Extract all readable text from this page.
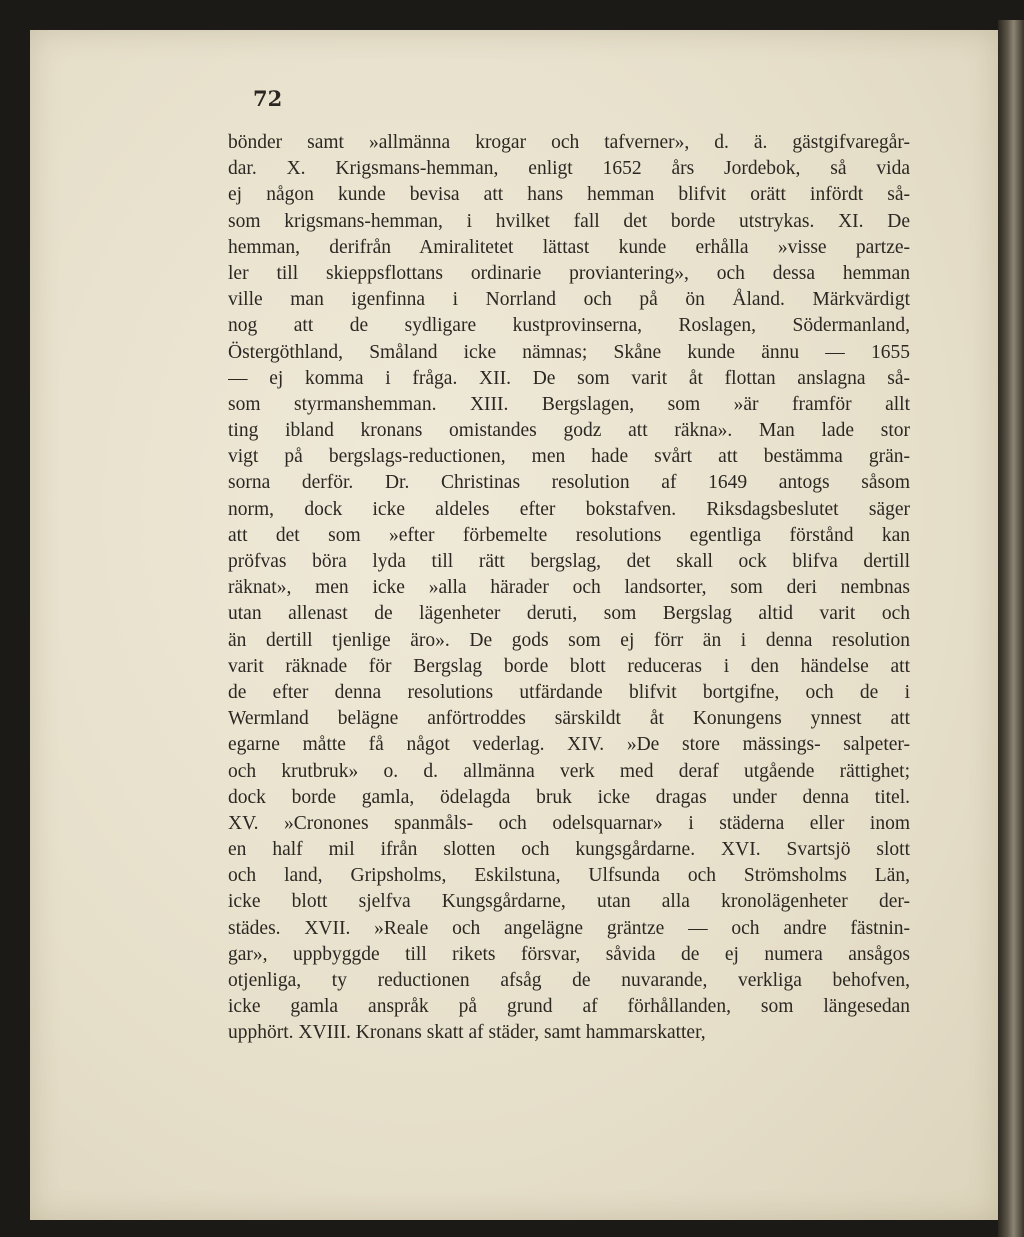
72
bönder samt »allmänna krogar och tafverner», d. ä. gästgifvaregår-
dar. X. Krigsmans-hemman, enligt 1652 års Jordebok, så vida
ej någon kunde bevisa att hans hemman blifvit orätt infördt så-
som krigsmans-hemman, i hvilket fall det borde utstrykas. XI. De
hemman, derifrån Amiralitetet lättast kunde erhålla »visse partze-
ler till skieppsflottans ordinarie proviantering», och dessa hemman
ville man igenfinna i Norrland och på ön Åland. Märkvärdigt
nog att de sydligare kustprovinserna, Roslagen, Södermanland,
Östergöthland, Småland icke nämnas; Skåne kunde ännu — 1655
— ej komma i fråga. XII. De som varit åt flottan anslagna så-
som styrmanshemman. XIII. Bergslagen, som »är framför allt
ting ibland kronans omistandes godz att räkna». Man lade stor
vigt på bergslags-reductionen, men hade svårt att bestämma grän-
sorna derför. Dr. Christinas resolution af 1649 antogs såsom
norm, dock icke aldeles efter bokstafven. Riksdagsbeslutet säger
att det som »efter förbemelte resolutions egentliga förstånd kan
pröfvas böra lyda till rätt bergslag, det skall ock blifva dertill
räknat», men icke »alla härader och landsorter, som deri nembnas
utan allenast de lägenheter deruti, som Bergslag altid varit och
än dertill tjenlige äro». De gods som ej förr än i denna resolution
varit räknade för Bergslag borde blott reduceras i den händelse att
de efter denna resolutions utfärdande blifvit bortgifne, och de i
Wermland belägne anförtroddes särskildt åt Konungens ynnest att
egarne måtte få något vederlag. XIV. »De store mässings- salpeter-
och krutbruk» o. d. allmänna verk med deraf utgående rättighet;
dock borde gamla, ödelagda bruk icke dragas under denna titel.
XV. »Cronones spanmåls- och odelsquarnar» i städerna eller inom
en half mil ifrån slotten och kungsgårdarne. XVI. Svartsjö slott
och land, Gripsholms, Eskilstuna, Ulfsunda och Strömsholms Län,
icke blott sjelfva Kungsgårdarne, utan alla kronolägenheter der-
städes. XVII. »Reale och angelägne gräntze — och andre fästnin-
gar», uppbyggde till rikets försvar, såvida de ej numera ansågos
otjenliga, ty reductionen afsåg de nuvarande, verkliga behofven,
icke gamla anspråk på grund af förhållanden, som längesedan
upphört. XVIII. Kronans skatt af städer, samt hammarskatter,
